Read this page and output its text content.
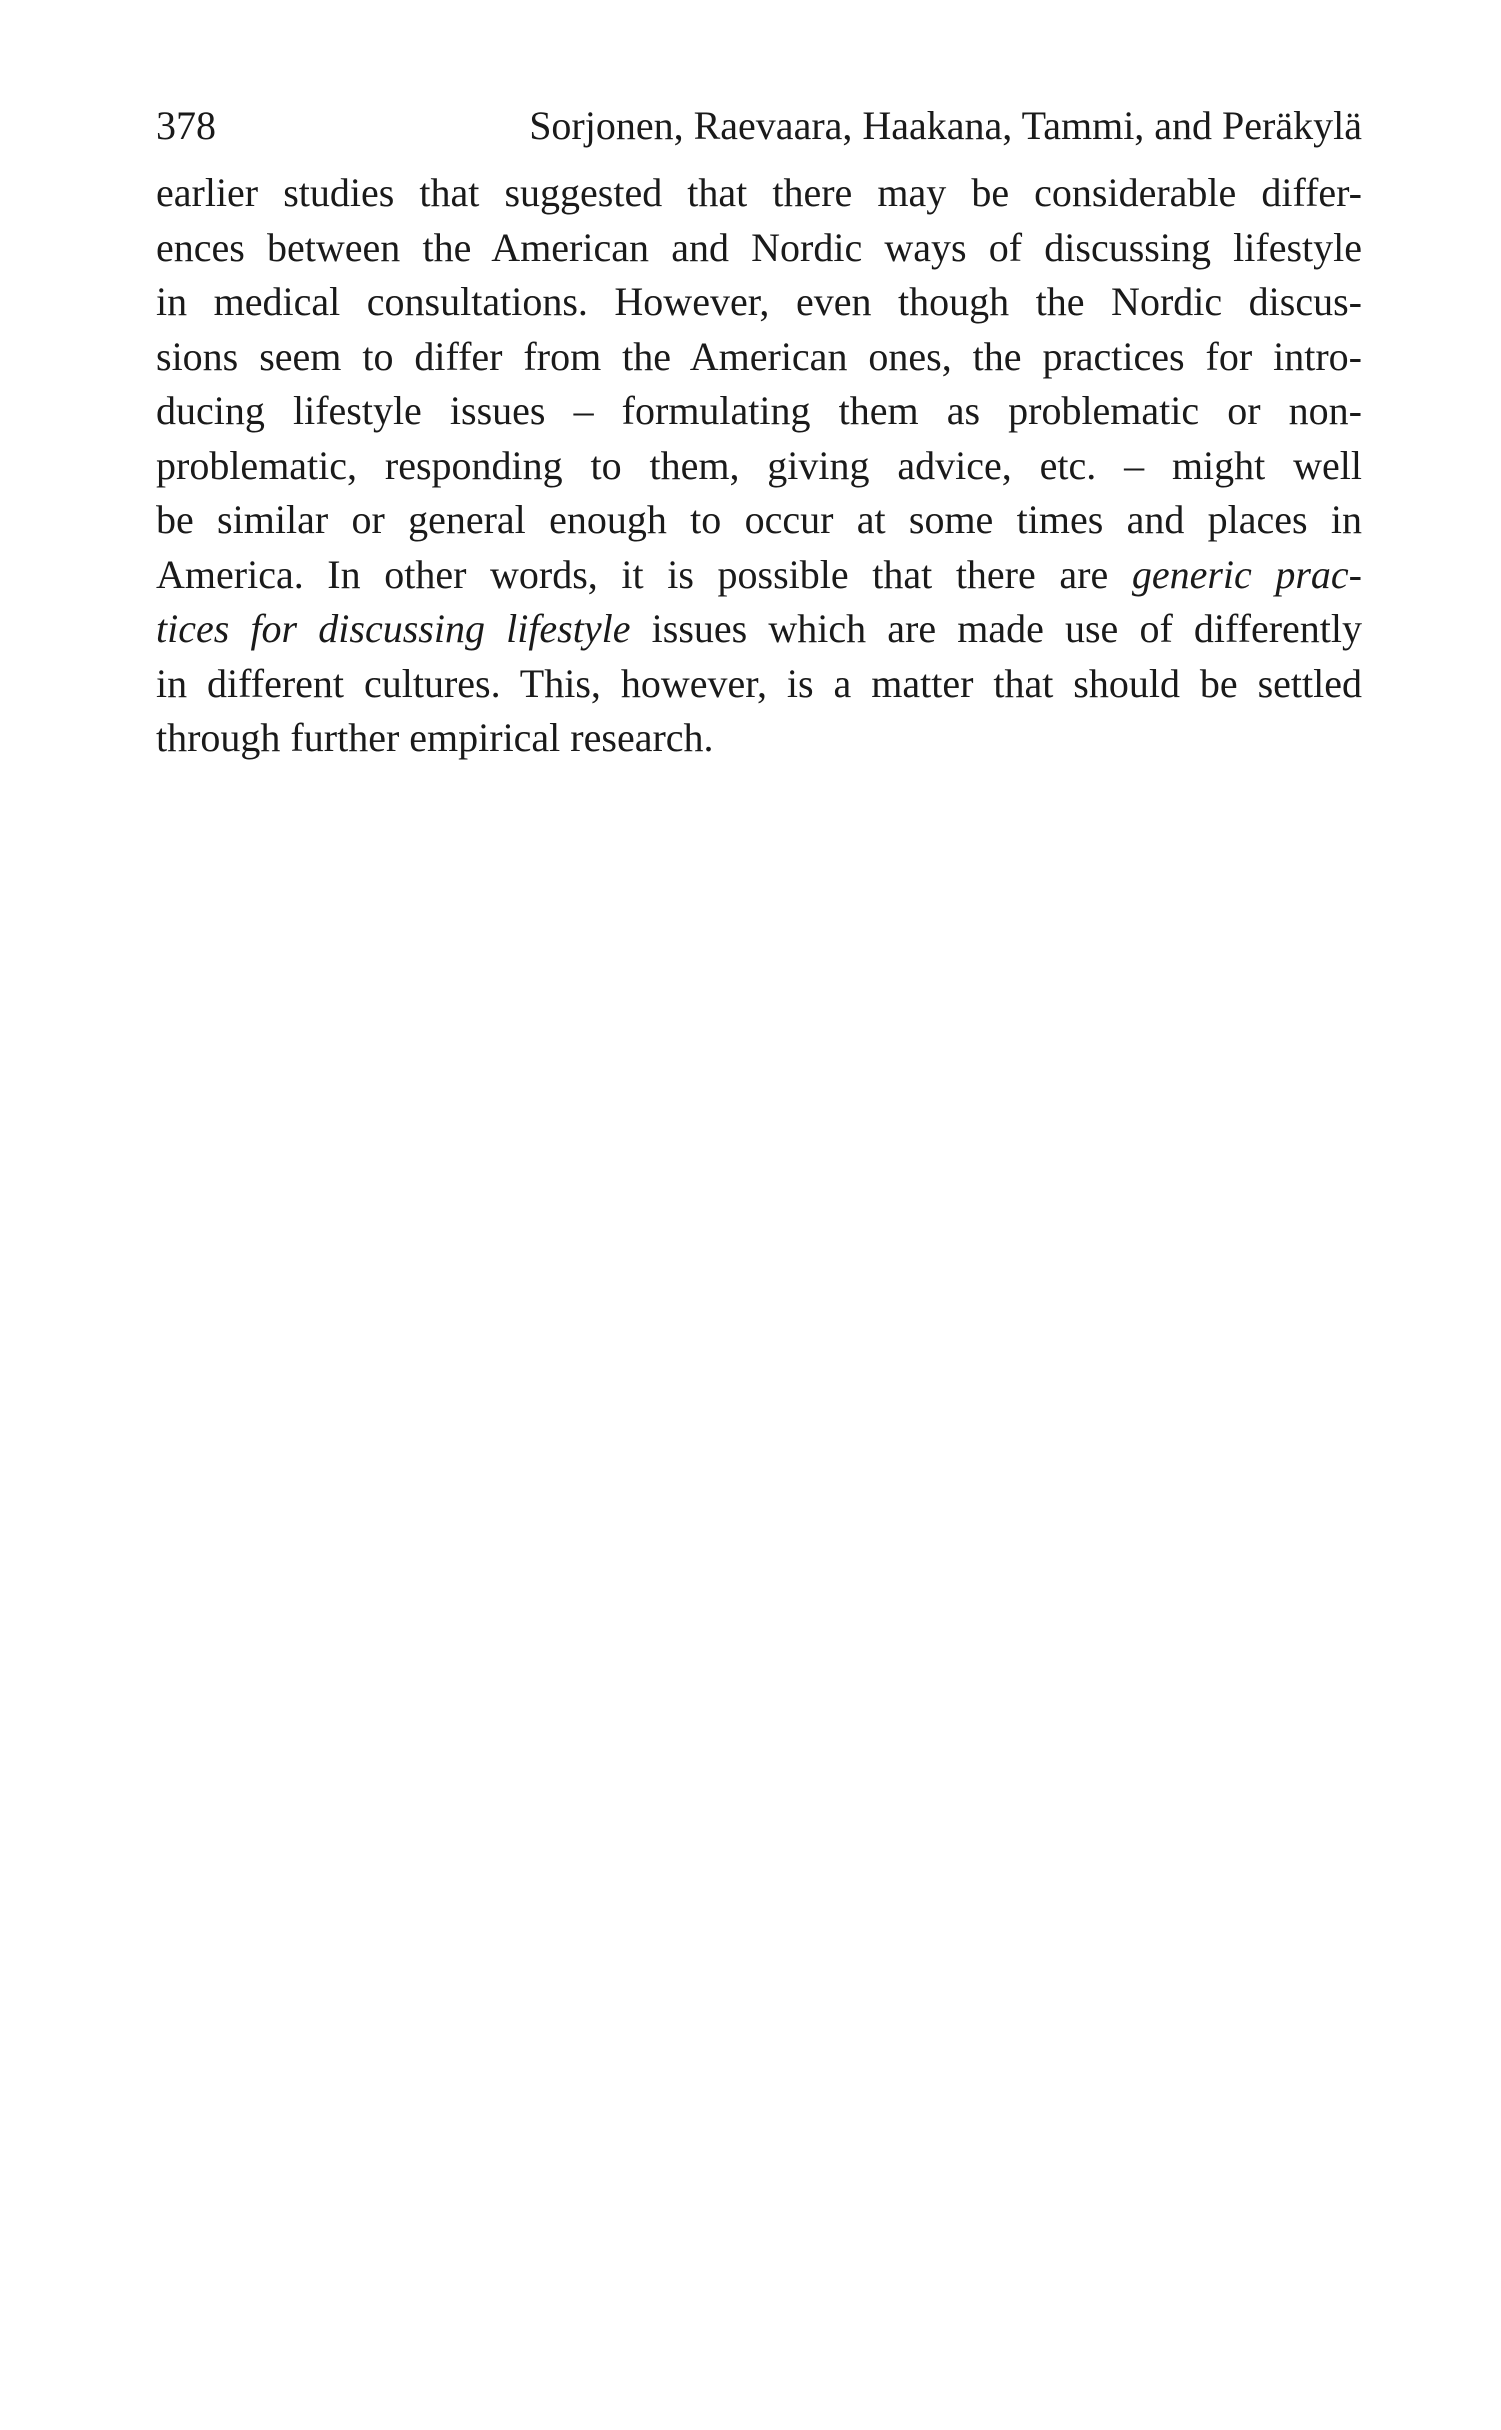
378	Sorjonen, Raevaara, Haakana, Tammi, and Peräkylä
earlier studies that suggested that there may be considerable differ-
ences between the American and Nordic ways of discussing lifestyle
in medical consultations. However, even though the Nordic discus-
sions seem to differ from the American ones, the practices for intro-
ducing lifestyle issues – formulating them as problematic or non-
problematic, responding to them, giving advice, etc. – might well
be similar or general enough to occur at some times and places in
America. In other words, it is possible that there are generic prac-
tices for discussing lifestyle issues which are made use of differently
in different cultures. This, however, is a matter that should be settled
through further empirical research.
